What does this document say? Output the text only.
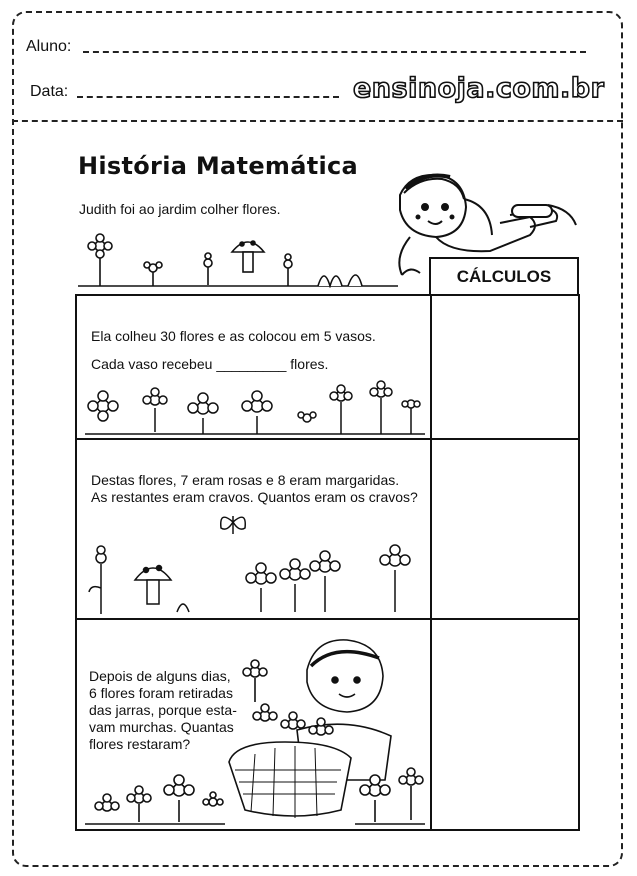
Aluno:
Data:	ensinoja.com.br
História Matemática
Judith foi ao jardim colher flores.
CÁLCULOS
Ela colheu 30 flores e as colocou em 5 vasos.
Cada vaso recebeu _________ flores.
Destas flores, 7 eram rosas e 8 eram margaridas.
As restantes eram cravos. Quantos eram os cravos?
Depois de alguns dias,
6 flores foram retiradas
das jarras, porque esta-
vam murchas. Quantas
flores restaram?
